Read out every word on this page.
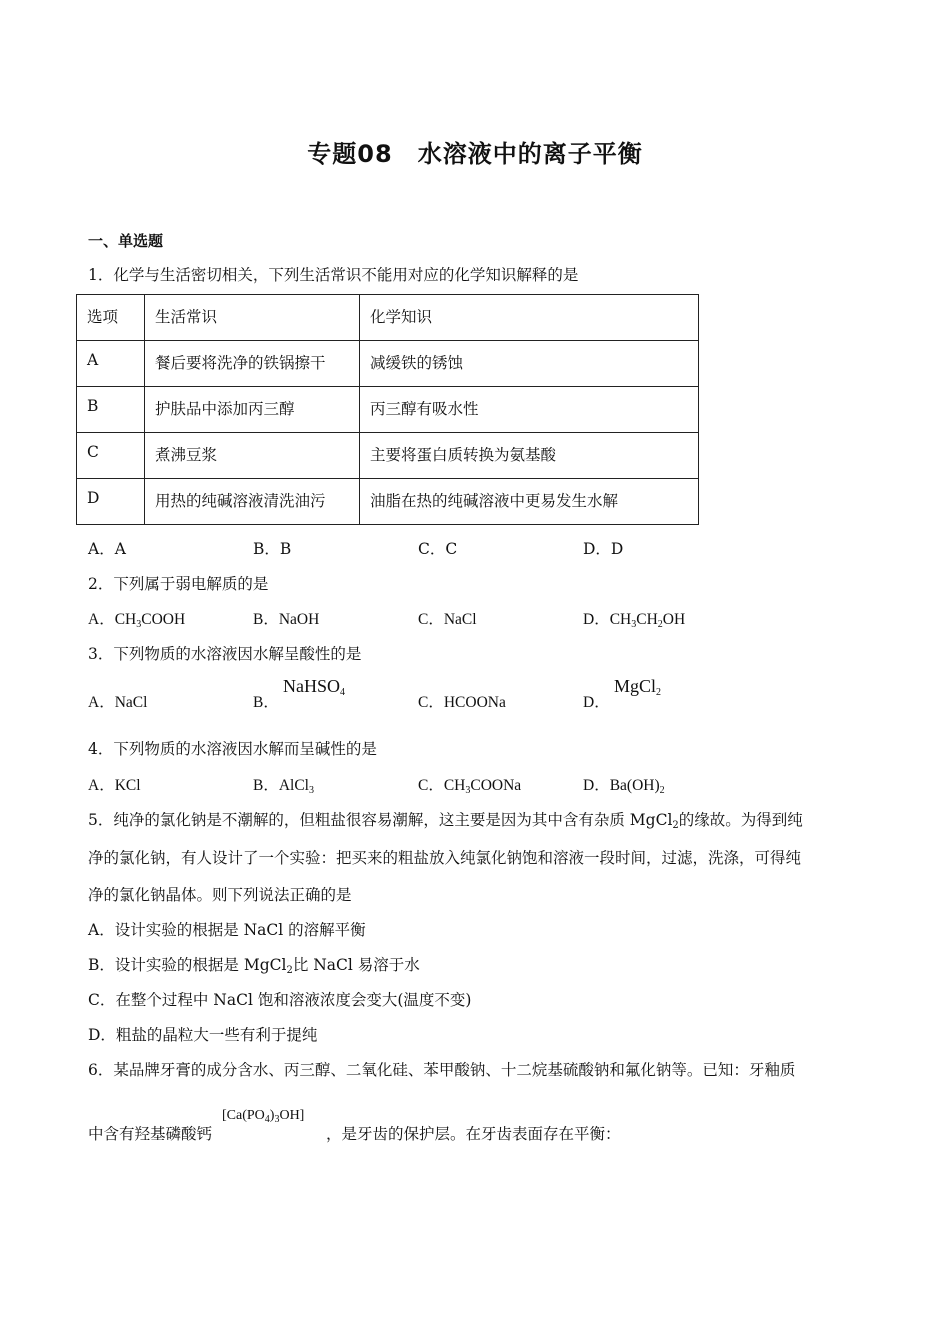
专题08　水溶液中的离子平衡
一、单选题
1．化学与生活密切相关，下列生活常识不能用对应的化学知识解释的是
选项	生活常识	化学知识
A	餐后要将洗净的铁锅擦干	减缓铁的锈蚀
B	护肤品中添加丙三醇	丙三醇有吸水性
C	煮沸豆浆	主要将蛋白质转换为氨基酸
D	用热的纯碱溶液清洗油污	油脂在热的纯碱溶液中更易发生水解
A．A	B．B	C．C	D．D
2．下列属于弱电解质的是
A．$CH_3COOH$	B．NaOH	C．NaCl	D．$CH_3CH_2OH$
3．下列物质的水溶液因水解呈酸性的是
A．NaCl	B．
NaHSO$_4$
C．HCOONa	D．
MgCl$_2$
4．下列物质的水溶液因水解而呈碱性的是
A．KCl	B．AlCl$_3$	C．$CH_3COONa$	D．$Ba(OH)_2$
5．纯净的氯化钠是不潮解的，但粗盐很容易潮解，这主要是因为其中含有杂质 MgCl$_2$的缘故。为得到纯
净的氯化钠，有人设计了一个实验：把买来的粗盐放入纯氯化钠饱和溶液一段时间，过滤，洗涤，可得纯
净的氯化钠晶体。则下列说法正确的是
A．设计实验的根据是 NaCl 的溶解平衡
B．设计实验的根据是 MgCl$_2$比 NaCl 易溶于水
C．在整个过程中 NaCl 饱和溶液浓度会变大(温度不变)
D．粗盐的晶粒大一些有利于提纯
6．某品牌牙膏的成分含水、丙三醇、二氧化硅、苯甲酸钠、十二烷基硫酸钠和氟化钠等。已知：牙釉质
中含有羟基磷酸钙
$[Ca(PO_4)_3OH]$
，是牙齿的保护层。在牙齿表面存在平衡：
